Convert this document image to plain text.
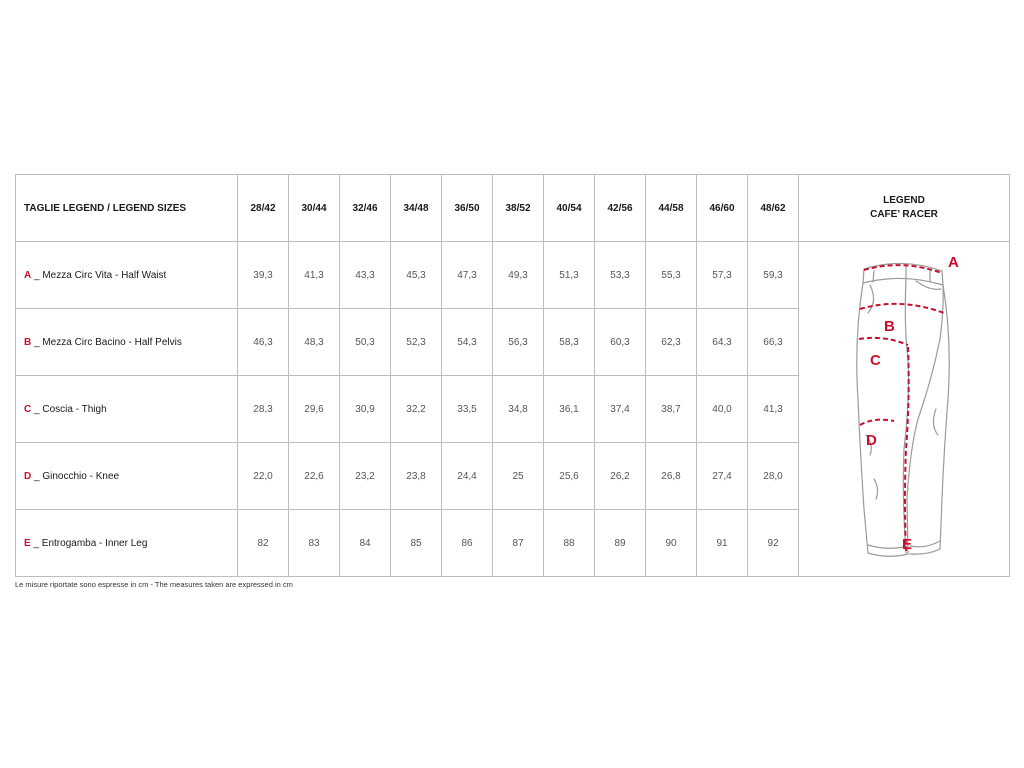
TAGLIE LEGEND / LEGEND SIZES	28/42	30/44	32/46	34/48	36/50	38/52	40/54	42/56	44/58	46/60	48/62	LEGEND
CAFE’ RACER

A _ Mezza Circ Vita - Half Waist	39,3	41,3	43,3	45,3	47,3	49,3	51,3	53,3	55,3	57,3	59,3	A
B
C
D
E

B _ Mezza Circ Bacino - Half Pelvis	46,3	48,3	50,3	52,3	54,3	56,3	58,3	60,3	62,3	64,3	66,3	
C _ Coscia - Thigh	28,3	29,6	30,9	32,2	33,5	34,8	36,1	37,4	38,7	40,0	41,3	
D _ Ginocchio - Knee	22,0	22,6	23,2	23,8	24,4	25	25,6	26,2	26,8	27,4	28,0	
E _ Entrogamba - Inner Leg	82	83	84	85	86	87	88	89	90	91	92	
Le misure riportate sono espresse in cm - The measures taken are expressed in cm
